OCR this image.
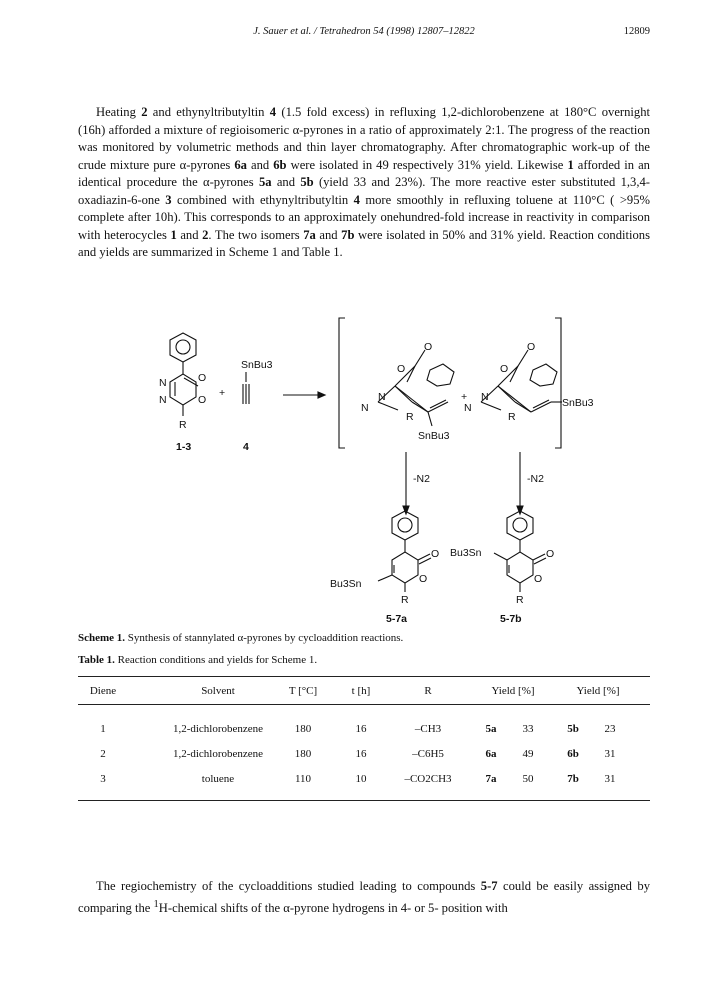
J. Sauer et al. / Tetrahedron 54 (1998) 12807–12822	12809

Heating 2 and ethynyltributyltin 4 (1.5 fold excess) in refluxing 1,2-dichlorobenzene at 180°C overnight (16h) afforded a mixture of regioisomeric α-pyrones in a ratio of approximately 2:1. The progress of the reaction was monitored by volumetric methods and thin layer chromatography. After chromatographic work-up of the crude mixture pure α-pyrones 6a and 6b were isolated in 49 respectively 31% yield. Likewise 1 afforded in an identical procedure the α-pyrones 5a and 5b (yield 33 and 23%). The more reactive ester substituted 1,3,4-oxadiazin-6-one 3 combined with ethynyltributyltin 4 more smoothly in refluxing toluene at 110°C ( >95% complete after 10h). This corresponds to an approximately onehundred-fold increase in reactivity in comparison with heterocycles 1 and 2. The two isomers 7a and 7b were isolated in 50% and 31% yield. Reaction conditions and yields are summarized in Scheme 1 and Table 1.

N
N
O
O
R
1-3
+
SnBu3
4
O
O
N
N
R
SnBu3
+
O
O
N
N
R
SnBu3
-N2	-N2
O
O
Bu3Sn
R
5-7a
O
O
Bu3Sn
R
5-7b
Scheme 1. Synthesis of stannylated α-pyrones by cycloaddition reactions.
Table 1. Reaction conditions and yields for Scheme 1.
Diene	Solvent	T [°C]	t [h]	R	Yield [%]	Yield [%]
1	1,2-dichlorobenzene	180	16	–CH3	5a	33	5b	23
2	1,2-dichlorobenzene	180	16	–C6H5	6a	49	6b	31
3	toluene	110	10	–CO2CH3	7a	50	7b	31

The regiochemistry of the cycloadditions studied leading to compounds 5-7 could be easily assigned by comparing the $^1$H-chemical shifts of the α-pyrone hydrogens in 4- or 5- position with
